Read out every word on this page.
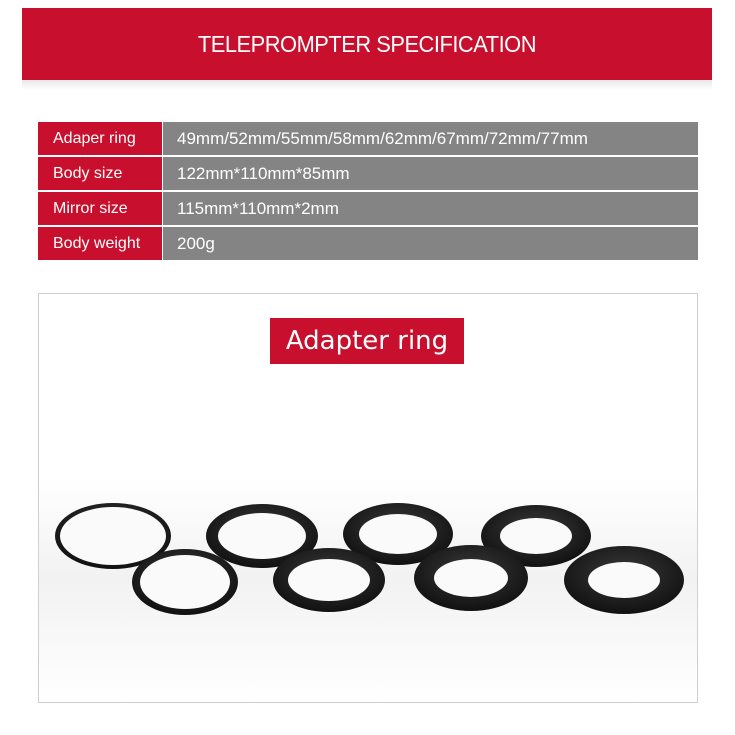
TELEPROMPTER SPECIFICATION
Adaper ring	49mm/52mm/55mm/58mm/62mm/67mm/72mm/77mm
Body size	122mm*110mm*85mm
Mirror size	115mm*110mm*2mm
Body weight	200g
Adapter ring
